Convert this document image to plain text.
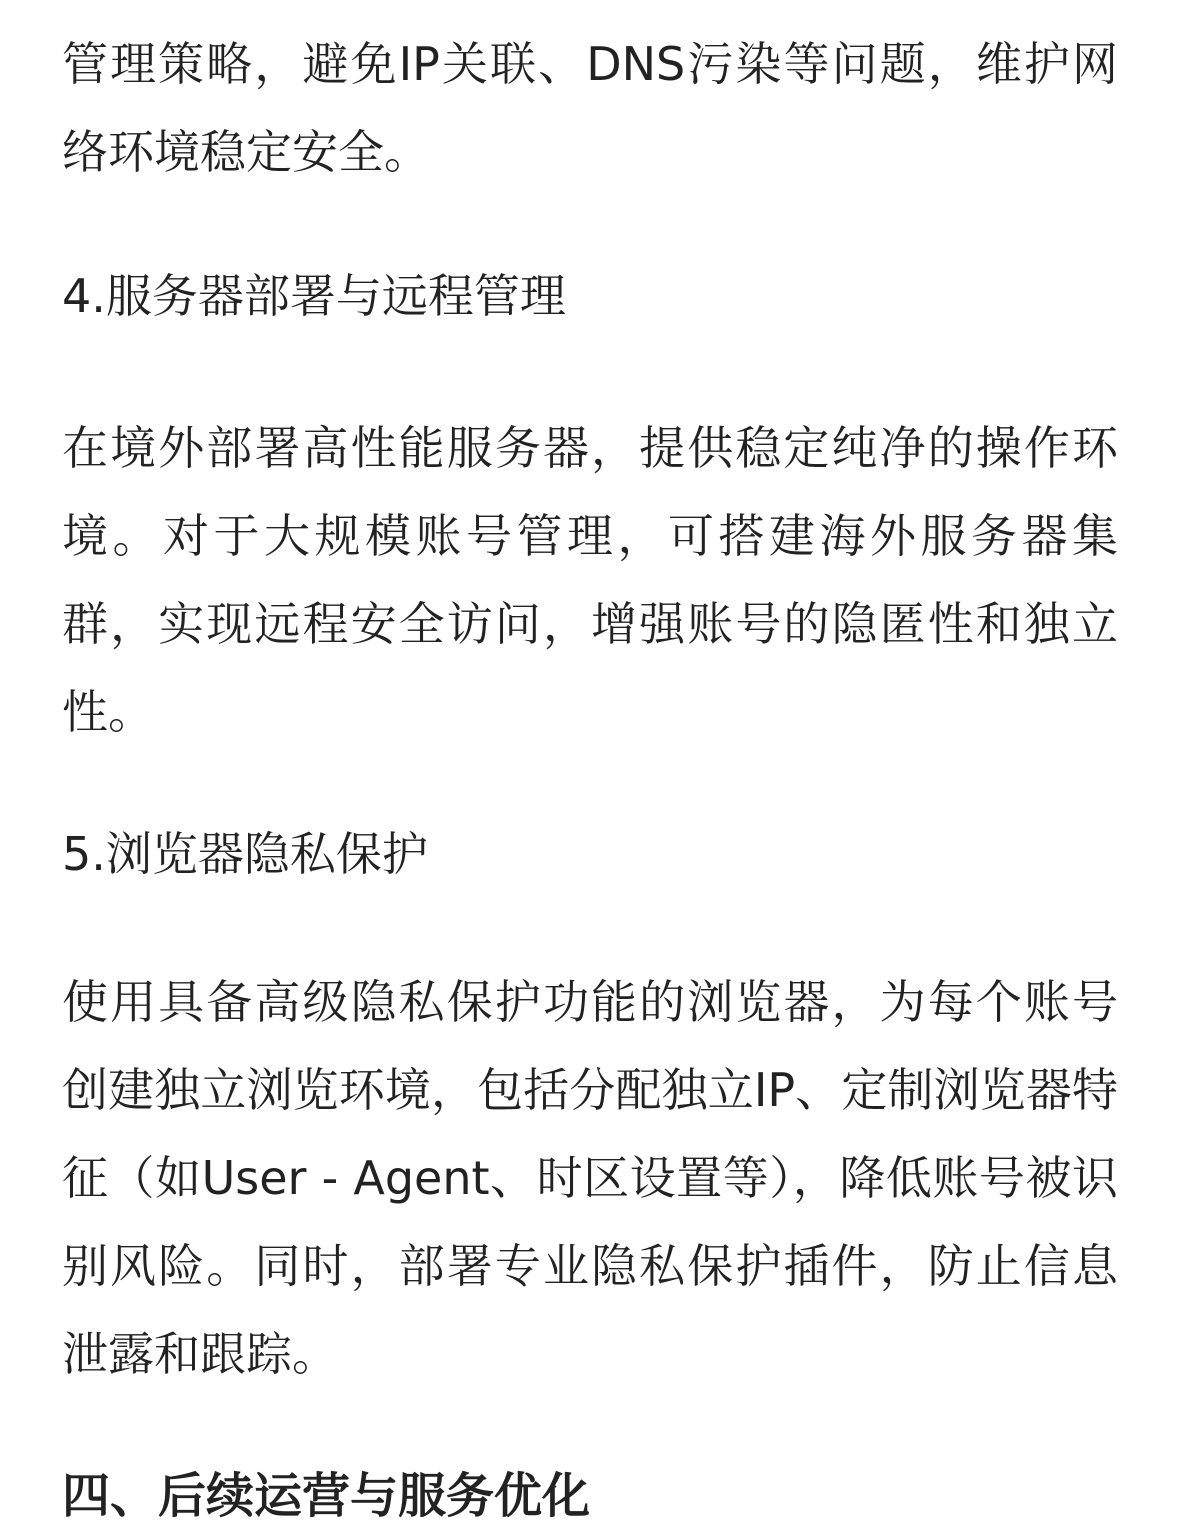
管理策略，避免IP关联、DNS污染等问题，维护网络环境稳定安全。

4.服务器部署与远程管理

在境外部署高性能服务器，提供稳定纯净的操作环境。对于大规模账号管理，可搭建海外服务器集群，实现远程安全访问，增强账号的隐匿性和独立性。

5.浏览器隐私保护

使用具备高级隐私保护功能的浏览器，为每个账号创建独立浏览环境，包括分配独立IP、定制浏览器特征（如User - Agent、时区设置等），降低账号被识别风险。同时，部署专业隐私保护插件，防止信息泄露和跟踪。

四、后续运营与服务优化
